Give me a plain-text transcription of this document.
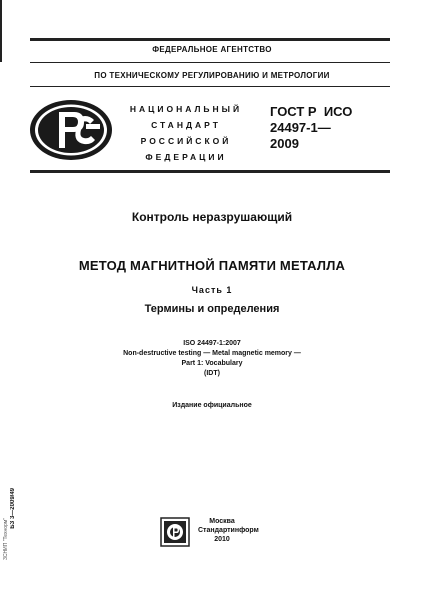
ФЕДЕРАЛЬНОЕ АГЕНТСТВО
ПО ТЕХНИЧЕСКОМУ РЕГУЛИРОВАНИЮ И МЕТРОЛОГИИ
НАЦИОНАЛЬНЫЙ
СТАНДАРТ
РОССИЙСКОЙ
ФЕДЕРАЦИИ
ГОСТ Р  ИСО
24497-1—
2009
Контроль неразрушающий
МЕТОД МАГНИТНОЙ ПАМЯТИ МЕТАЛЛА
Часть 1
Термины и определения
ISO 24497-1:2007
Non-destructive testing — Metal magnetic memory —
Part 1: Vocabulary
(IDT)
Издание официальное
БЗ 3—2009/49
ЗСНИП "Технорм"	Москва
Стандартинформ
2010
